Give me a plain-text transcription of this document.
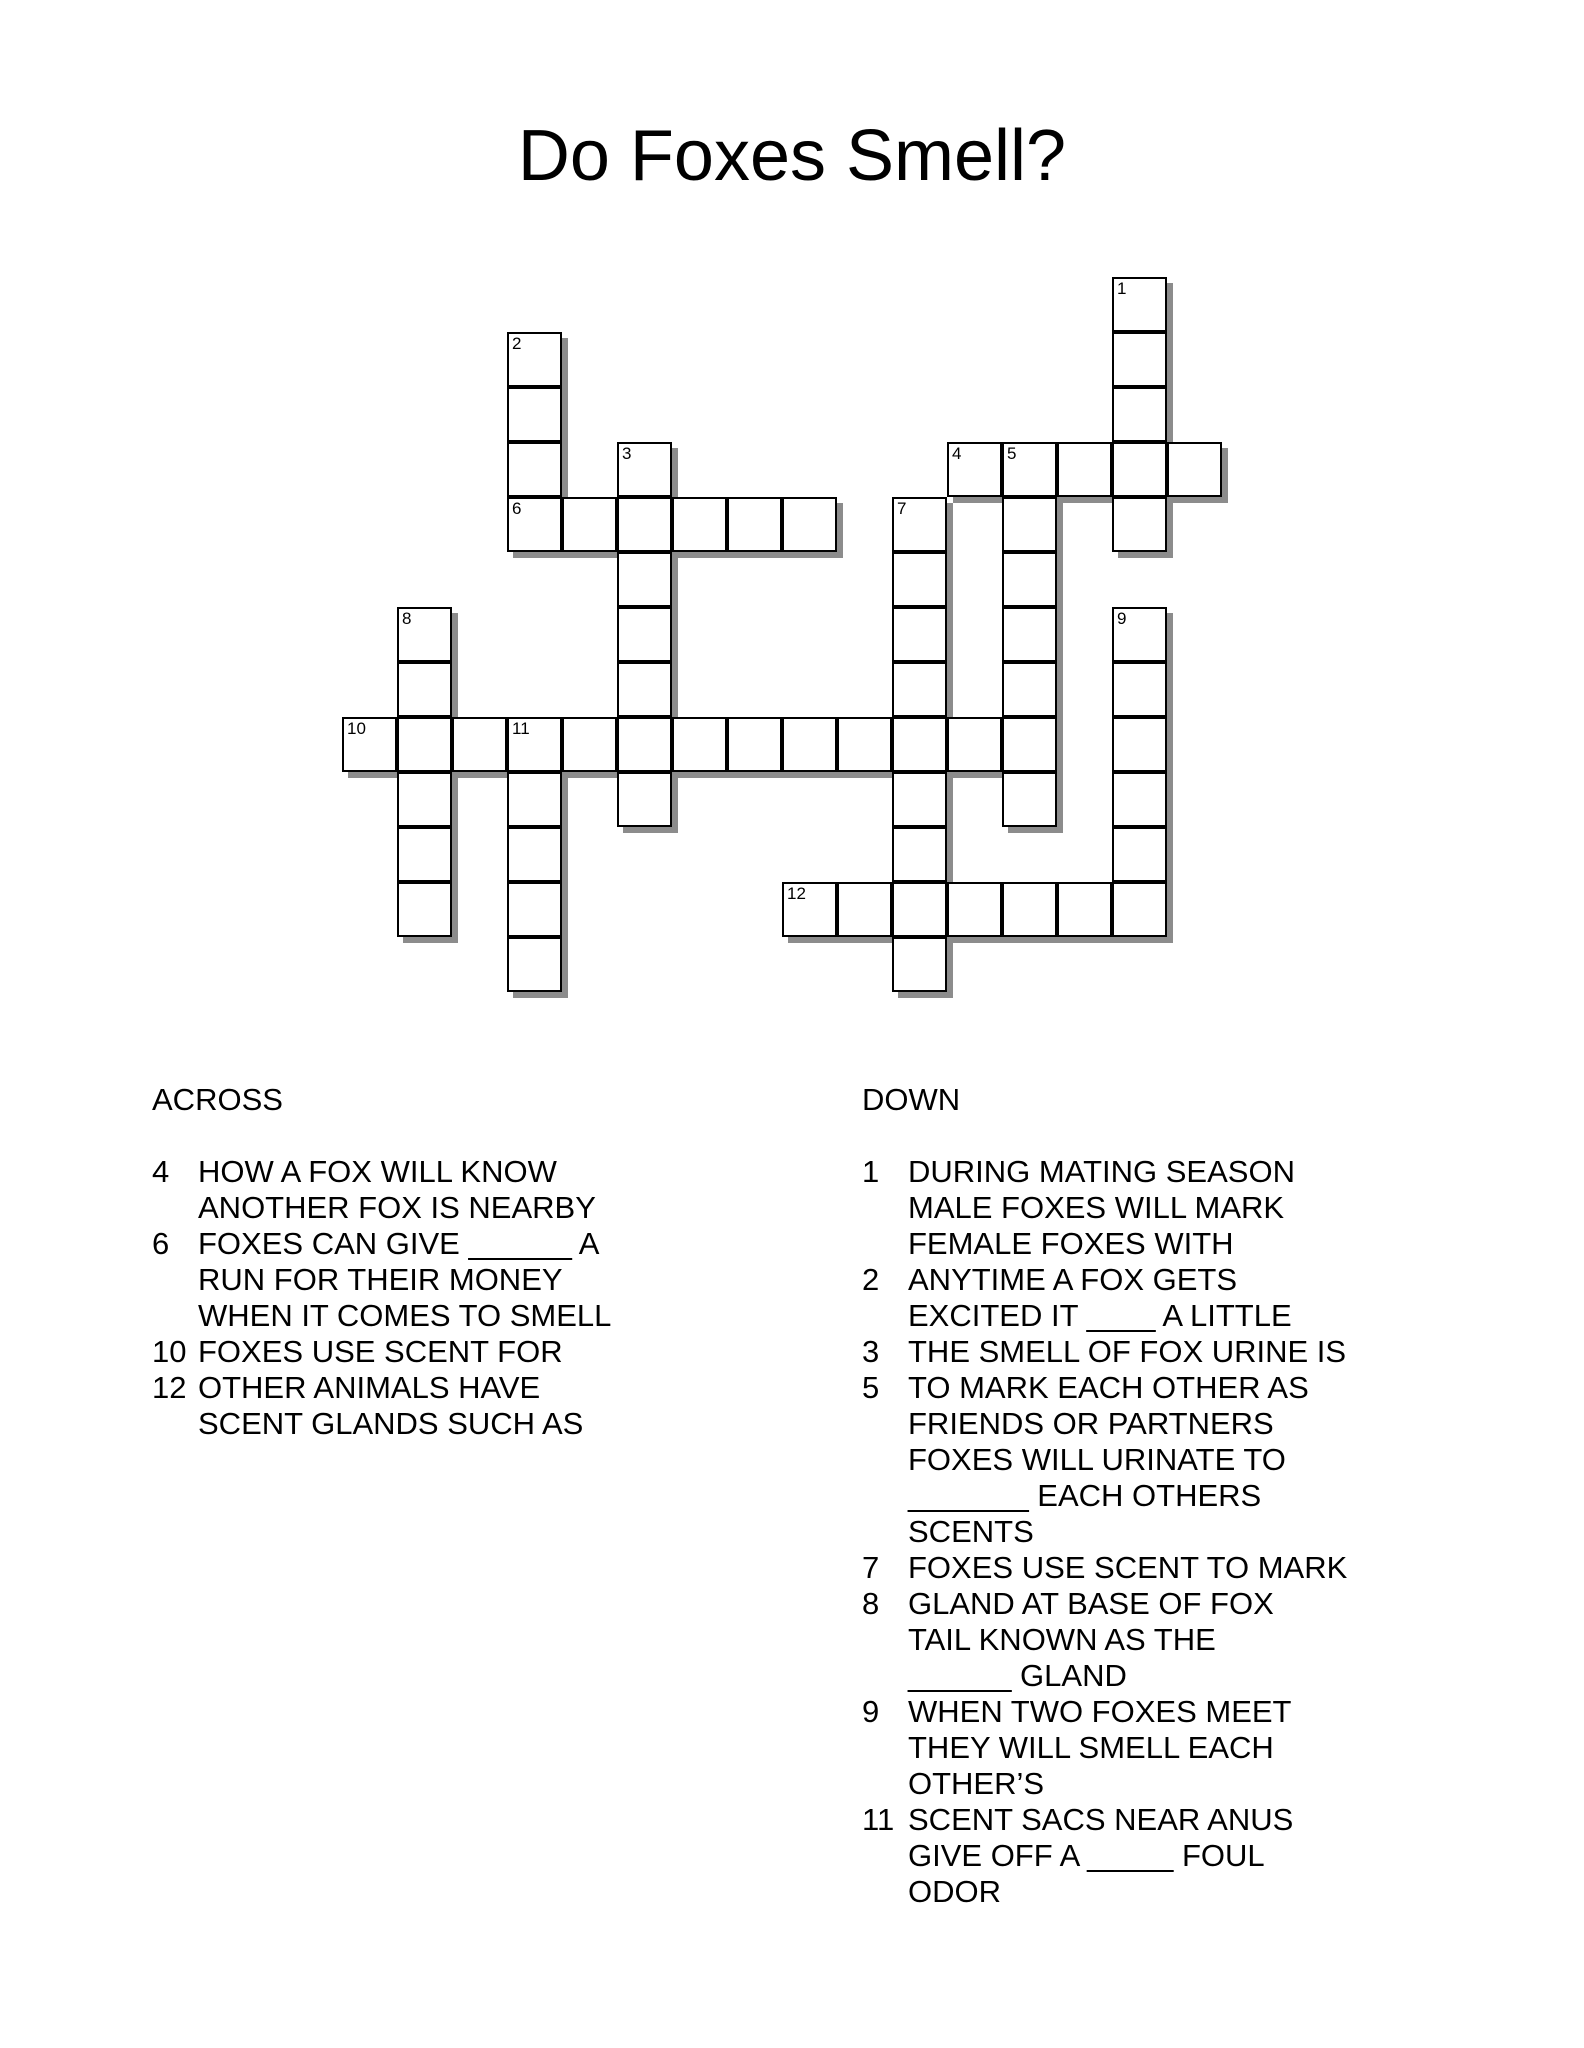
Do Foxes Smell?
1
2
6
3	4	5
7
8	9
10	11
12
ACROSS
4 HOW A FOX WILL KNOW
ANOTHER FOX IS NEARBY
6 FOXES CAN GIVE ______ A
RUN FOR THEIR MONEY
WHEN IT COMES TO SMELL
10 FOXES USE SCENT FOR
12 OTHER ANIMALS HAVE
SCENT GLANDS SUCH AS
DOWN
1 DURING MATING SEASON
MALE FOXES WILL MARK
FEMALE FOXES WITH
2 ANYTIME A FOX GETS
EXCITED IT ____ A LITTLE
3 THE SMELL OF FOX URINE IS
5 TO MARK EACH OTHER AS
FRIENDS OR PARTNERS
FOXES WILL URINATE TO
_______ EACH OTHERS
SCENTS
7 FOXES USE SCENT TO MARK
8 GLAND AT BASE OF FOX
TAIL KNOWN AS THE
______ GLAND
9 WHEN TWO FOXES MEET
THEY WILL SMELL EACH
OTHER’S
11 SCENT SACS NEAR ANUS
GIVE OFF A _____ FOUL
ODOR
